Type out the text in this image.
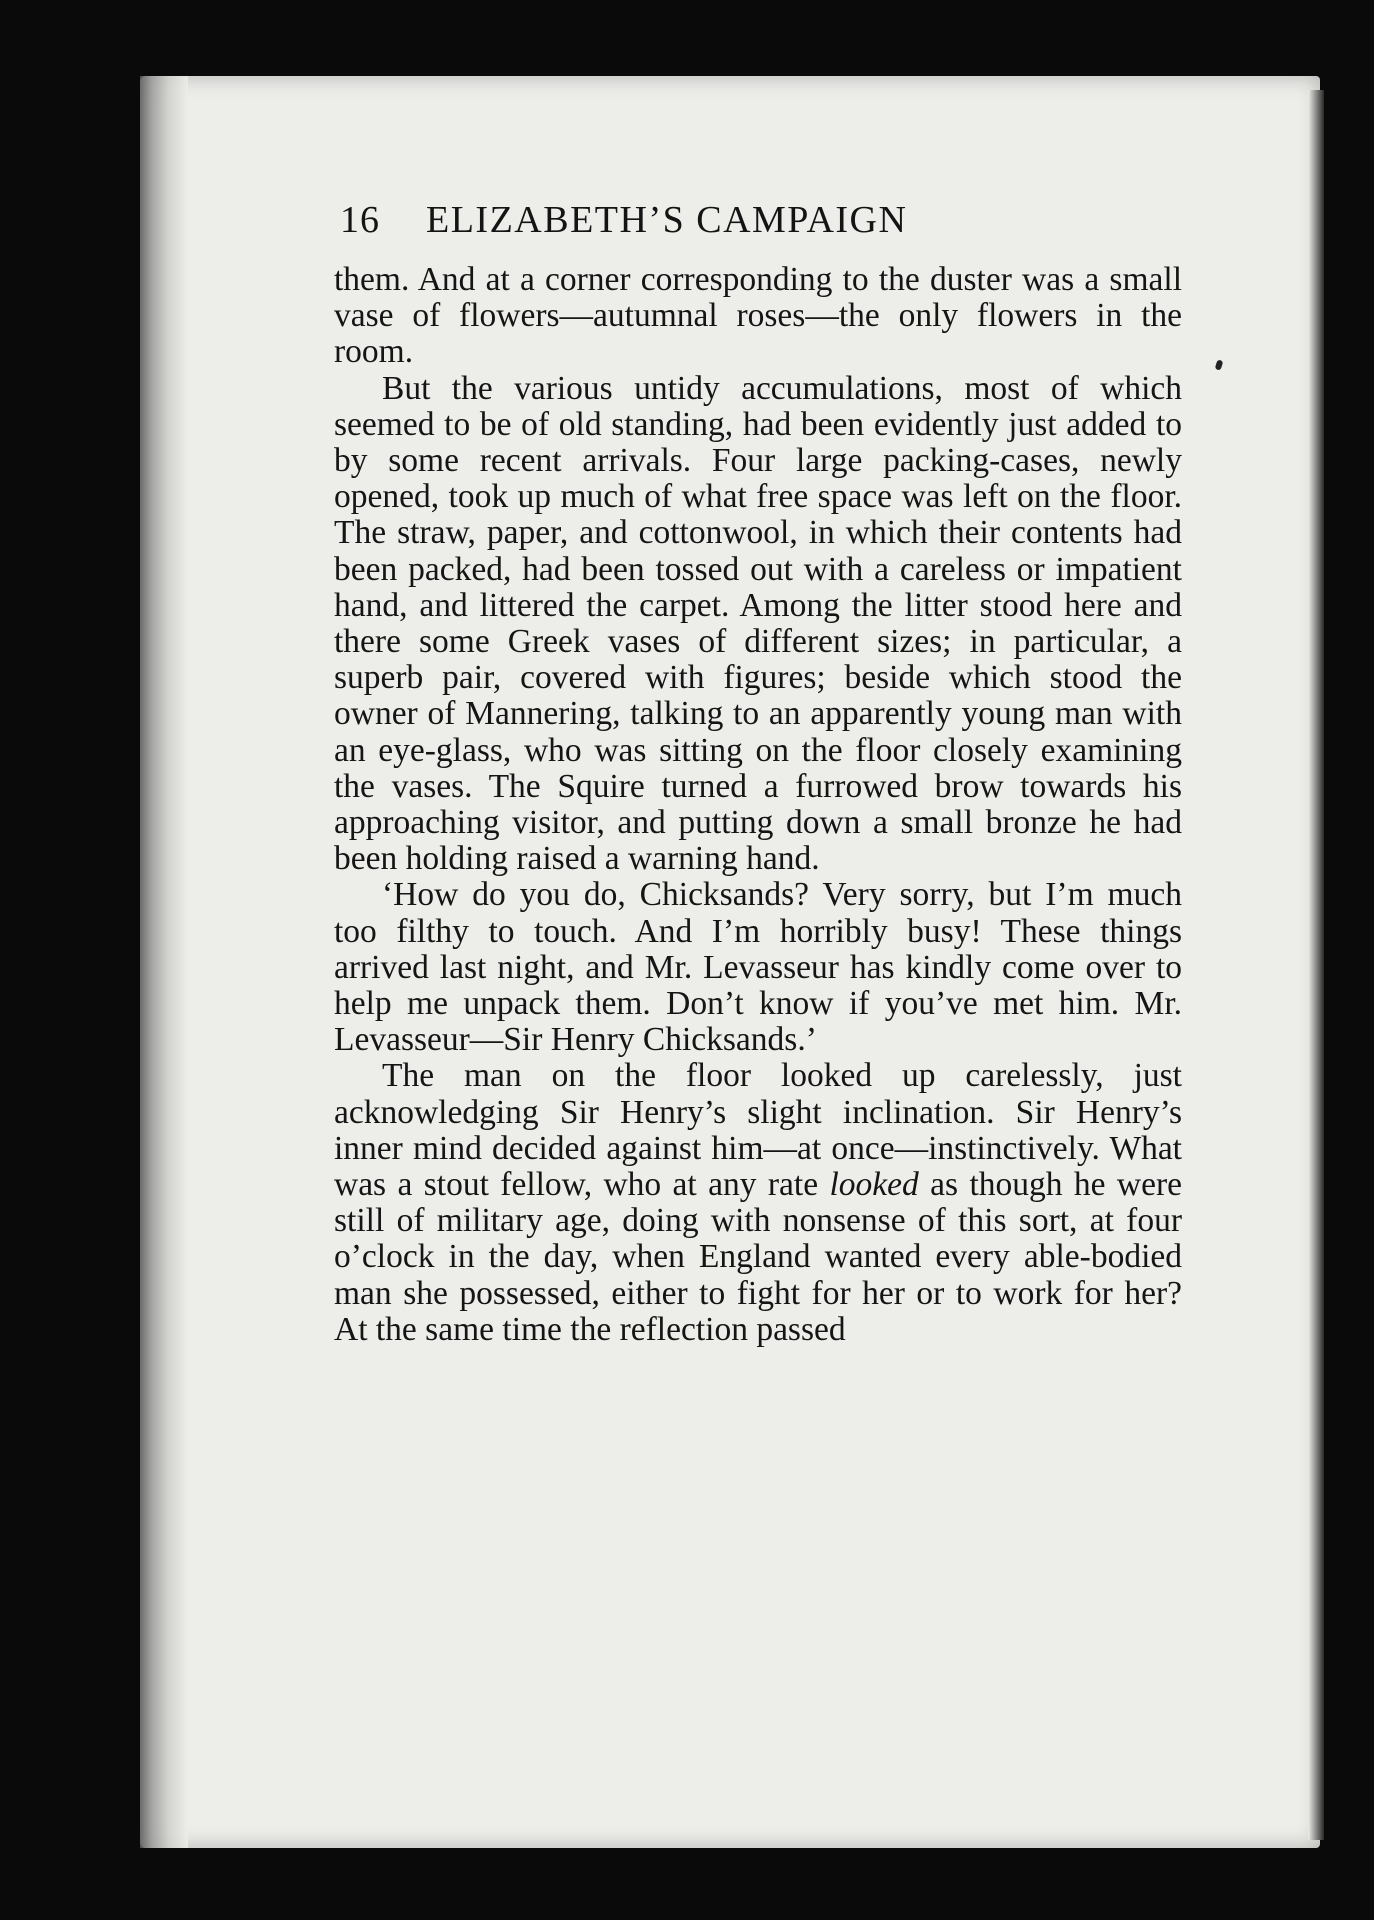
16 ELIZABETH’S CAMPAIGN

them. And at a corner corresponding to the duster was a small vase of flowers—autumnal roses—the only flowers in the room.

But the various untidy accumulations, most of which seemed to be of old standing, had been evidently just added to by some recent arrivals. Four large packing-cases, newly opened, took up much of what free space was left on the floor. The straw, paper, and cottonwool, in which their contents had been packed, had been tossed out with a careless or impatient hand, and littered the carpet. Among the litter stood here and there some Greek vases of different sizes; in particular, a superb pair, covered with figures; beside which stood the owner of Mannering, talking to an apparently young man with an eye-glass, who was sitting on the floor closely examining the vases. The Squire turned a furrowed brow towards his approaching visitor, and putting down a small bronze he had been holding raised a warning hand.

‘How do you do, Chicksands? Very sorry, but I’m much too filthy to touch. And I’m horribly busy! These things arrived last night, and Mr. Levasseur has kindly come over to help me unpack them. Don’t know if you’ve met him. Mr. Levasseur—Sir Henry Chicksands.’

The man on the floor looked up carelessly, just acknowledging Sir Henry’s slight inclination. Sir Henry’s inner mind decided against him—at once—instinctively. What was a stout fellow, who at any rate looked as though he were still of military age, doing with nonsense of this sort, at four o’clock in the day, when England wanted every able-bodied man she possessed, either to fight for her or to work for her? At the same time the reflection passed
